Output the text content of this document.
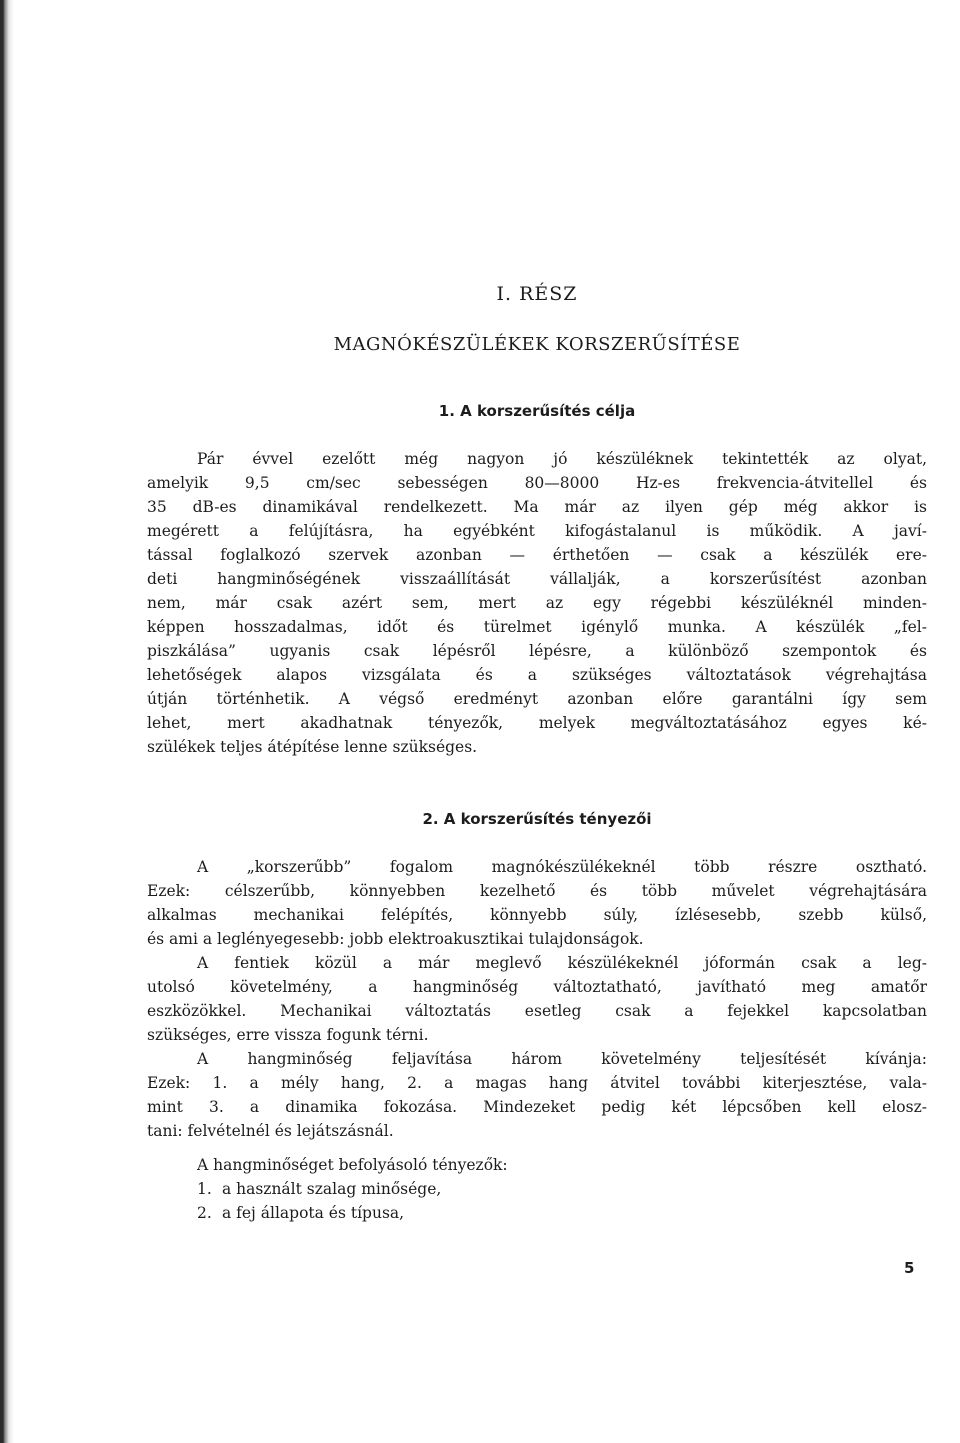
I. RÉSZ
MAGNÓKÉSZÜLÉKEK KORSZERŰSÍTÉSE
1. A korszerűsítés célja
Pár évvel ezelőtt még nagyon jó készüléknek tekintették az olyat,
amelyik 9,5 cm/sec sebességen 80—8000 Hz-es frekvencia-átvitellel és
35 dB-es dinamikával rendelkezett. Ma már az ilyen gép még akkor is
megérett a felújításra, ha egyébként kifogástalanul is működik. A javí-
tással foglalkozó szervek azonban — érthetően — csak a készülék ere-
deti hangminőségének visszaállítását vállalják, a korszerűsítést azonban
nem, már csak azért sem, mert az egy régebbi készüléknél minden-
képpen hosszadalmas, időt és türelmet igénylő munka. A készülék „fel-
piszkálása” ugyanis csak lépésről lépésre, a különböző szempontok és
lehetőségek alapos vizsgálata és a szükséges változtatások végrehajtása
útján történhetik. A végső eredményt azonban előre garantálni így sem
lehet, mert akadhatnak tényezők, melyek megváltoztatásához egyes ké-
szülékek teljes átépítése lenne szükséges.
2. A korszerűsítés tényezői
A „korszerűbb” fogalom magnókészülékeknél több részre osztható.
Ezek: célszerűbb, könnyebben kezelhető és több művelet végrehajtására
alkalmas mechanikai felépítés, könnyebb súly, ízlésesebb, szebb külső,
és ami a leglényegesebb: jobb elektroakusztikai tulajdonságok.
A fentiek közül a már meglevő készülékeknél jóformán csak a leg-
utolsó követelmény, a hangminőség változtatható, javítható meg amatőr
eszközökkel. Mechanikai változtatás esetleg csak a fejekkel kapcsolatban
szükséges, erre vissza fogunk térni.
A hangminőség feljavítása három követelmény teljesítését kívánja:
Ezek: 1. a mély hang, 2. a magas hang átvitel további kiterjesztése, vala-
mint 3. a dinamika fokozása. Mindezeket pedig két lépcsőben kell elosz-
tani: felvételnél és lejátszásnál.
A hangminőséget befolyásoló tényezők:
1. a használt szalag minősége,
2. a fej állapota és típusa,
5
